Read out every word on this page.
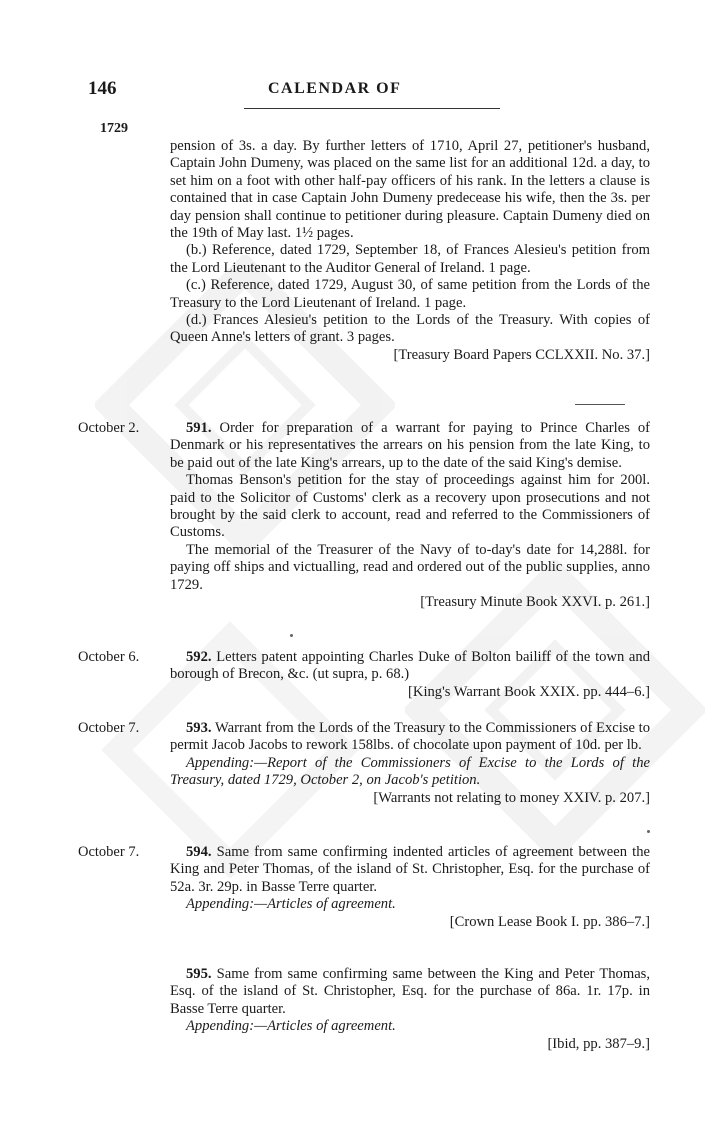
146	CALENDAR OF
1729

pension of 3s. a day. By further letters of 1710, April 27, petitioner's husband, Captain John Dumeny, was placed on the same list for an additional 12d. a day, to set him on a foot with other half-pay officers of his rank. In the letters a clause is contained that in case Captain John Dumeny predecease his wife, then the 3s. per day pension shall continue to petitioner during pleasure. Captain Dumeny died on the 19th of May last. 1½ pages.

(b.) Reference, dated 1729, September 18, of Frances Alesieu's petition from the Lord Lieutenant to the Auditor General of Ireland. 1 page.

(c.) Reference, dated 1729, August 30, of same petition from the Lords of the Treasury to the Lord Lieutenant of Ireland. 1 page.

(d.) Frances Alesieu's petition to the Lords of the Treasury. With copies of Queen Anne's letters of grant. 3 pages.

[Treasury Board Papers CCLXXII. No. 37.]

October 2.	591. Order for preparation of a warrant for paying to Prince Charles of Denmark or his representatives the arrears on his pension from the late King, to be paid out of the late King's arrears, up to the date of the said King's demise.

Thomas Benson's petition for the stay of proceedings against him for 200l. paid to the Solicitor of Customs' clerk as a recovery upon prosecutions and not brought by the said clerk to account, read and referred to the Commissioners of Customs.

The memorial of the Treasurer of the Navy of to-day's date for 14,288l. for paying off ships and victualling, read and ordered out of the public supplies, anno 1729.

[Treasury Minute Book XXVI. p. 261.]

October 6.	592. Letters patent appointing Charles Duke of Bolton bailiff of the town and borough of Brecon, &c. (ut supra, p. 68.)

[King's Warrant Book XXIX. pp. 444–6.]

October 7.	593. Warrant from the Lords of the Treasury to the Commissioners of Excise to permit Jacob Jacobs to rework 158lbs. of chocolate upon payment of 10d. per lb.

Appending:—Report of the Commissioners of Excise to the Lords of the Treasury, dated 1729, October 2, on Jacob's petition.

[Warrants not relating to money XXIV. p. 207.]

October 7.	594. Same from same confirming indented articles of agreement between the King and Peter Thomas, of the island of St. Christopher, Esq. for the purchase of 52a. 3r. 29p. in Basse Terre quarter.

Appending:—Articles of agreement.

[Crown Lease Book I. pp. 386–7.]

595. Same from same confirming same between the King and Peter Thomas, Esq. of the island of St. Christopher, Esq. for the purchase of 86a. 1r. 17p. in Basse Terre quarter.

Appending:—Articles of agreement.

[Ibid, pp. 387–9.]
